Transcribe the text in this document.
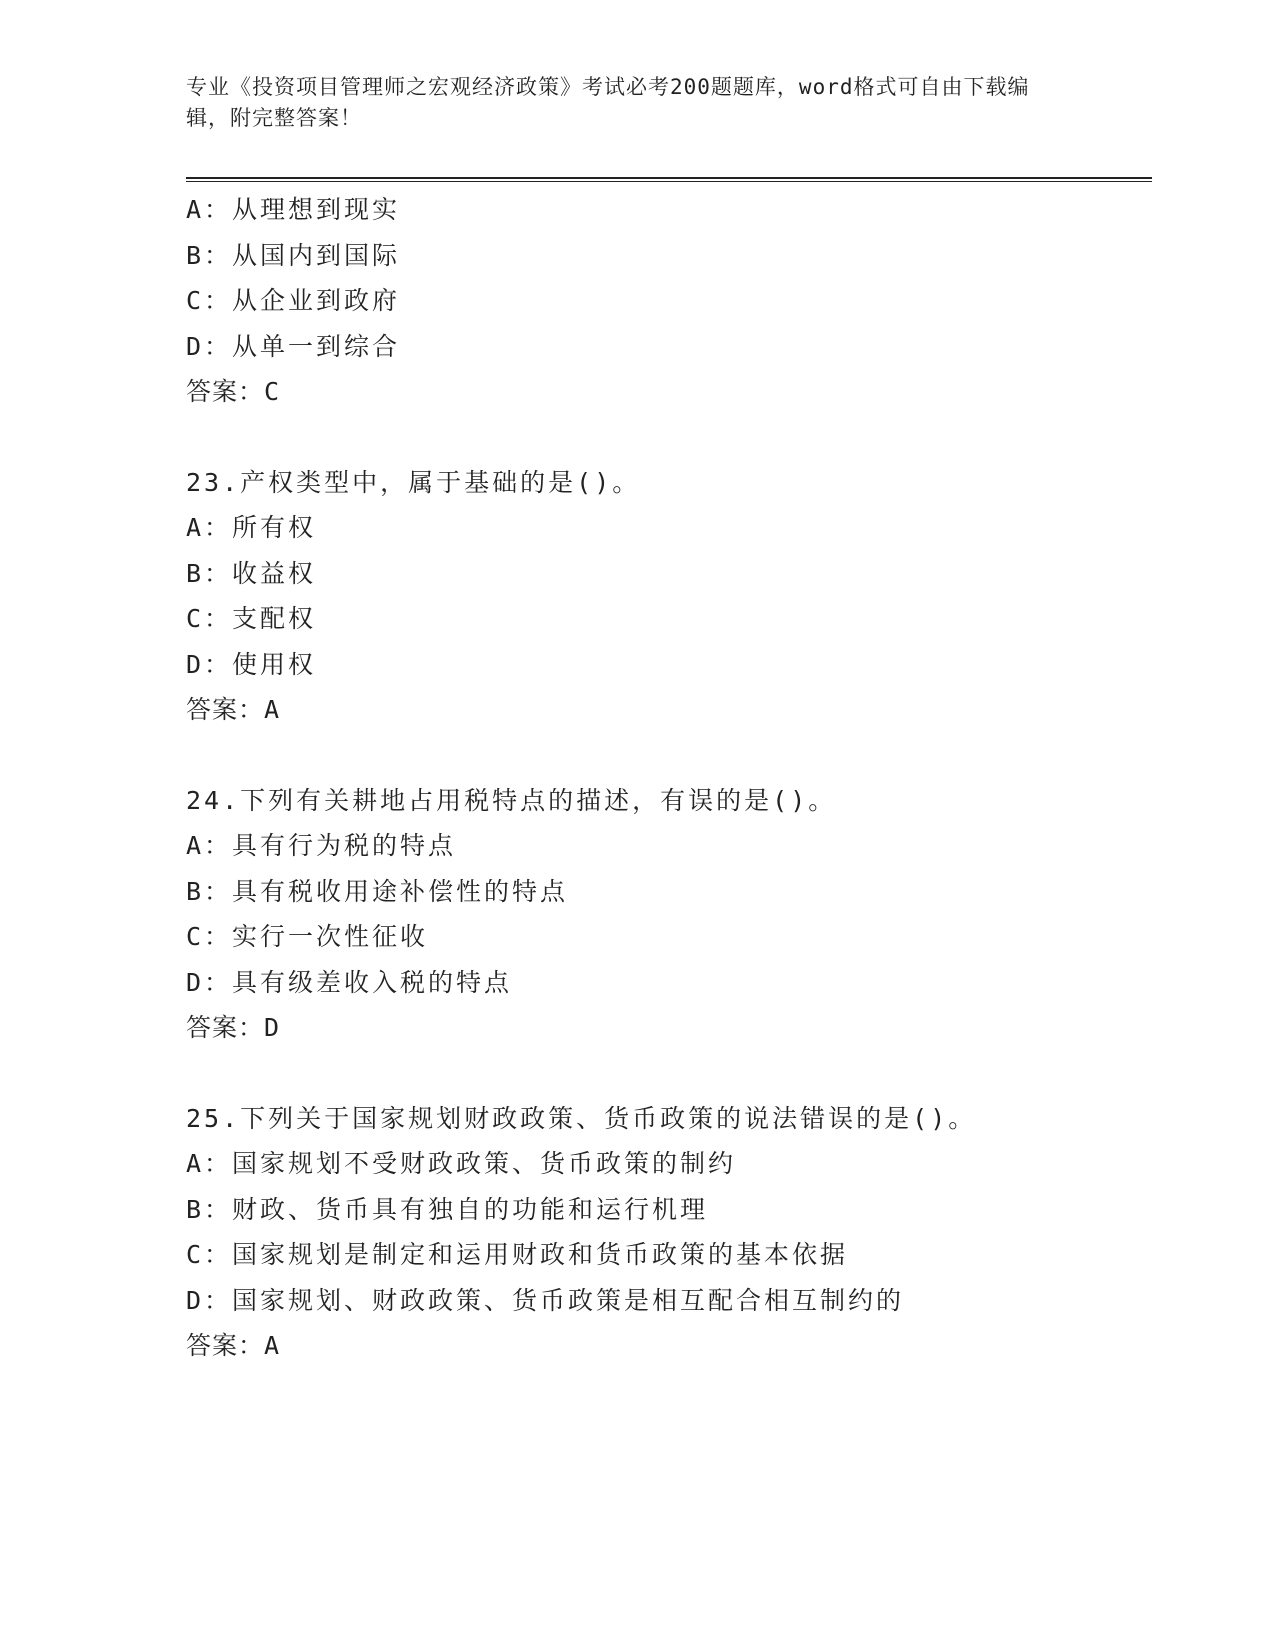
专业《投资项目管理师之宏观经济政策》考试必考200题题库，word格式可自由下载编辑，附完整答案！
A：从理想到现实
B：从国内到国际
C：从企业到政府
D：从单一到综合
答案：C
23.产权类型中，属于基础的是()。
A：所有权
B：收益权
C：支配权
D：使用权
答案：A
24.下列有关耕地占用税特点的描述，有误的是()。
A：具有行为税的特点
B：具有税收用途补偿性的特点
C：实行一次性征收
D：具有级差收入税的特点
答案：D
25.下列关于国家规划财政政策、货币政策的说法错误的是()。
A：国家规划不受财政政策、货币政策的制约
B：财政、货币具有独自的功能和运行机理
C：国家规划是制定和运用财政和货币政策的基本依据
D：国家规划、财政政策、货币政策是相互配合相互制约的
答案：A
